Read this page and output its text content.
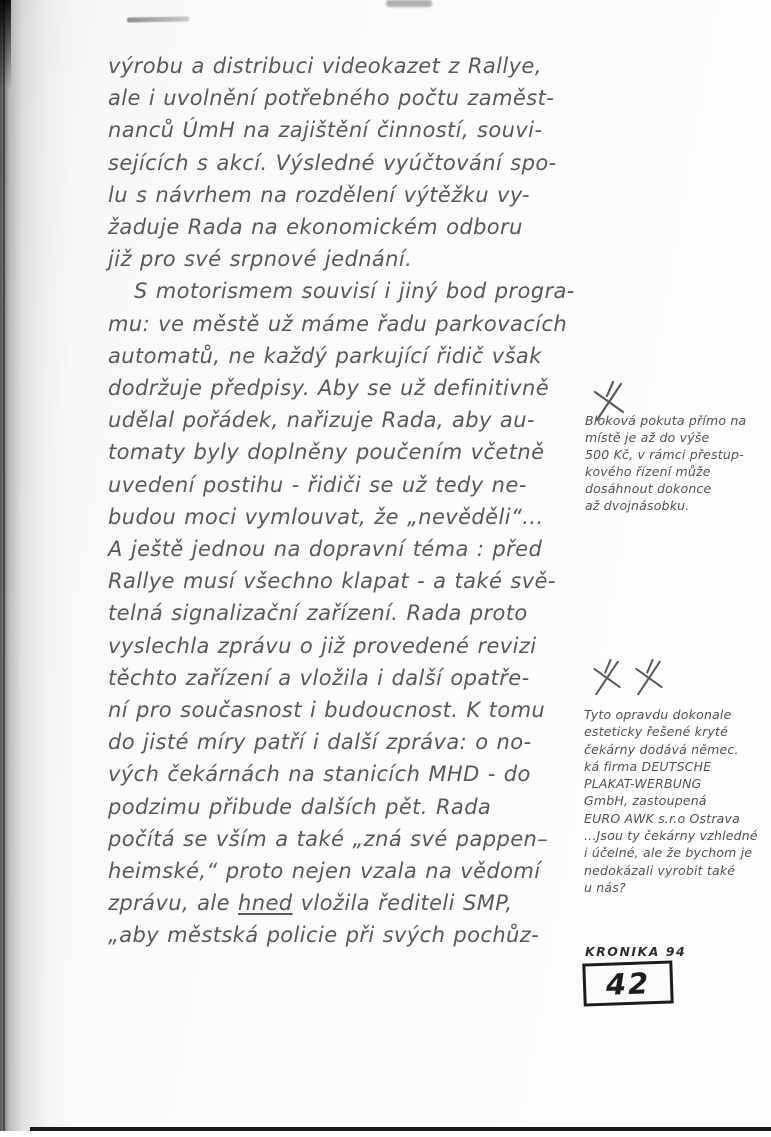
výrobu a distribuci videokazet z Rallye,
ale i uvolnění potřebného počtu zaměst-
nanců ÚmH na zajištění činností, souvi-
sejících s akcí. Výsledné vyúčtování spo-
lu s návrhem na rozdělení výtěžku vy-
žaduje Rada na ekonomickém odboru
již pro své srpnové jednání.
S motorismem souvisí i jiný bod progra-
mu: ve městě už máme řadu parkovacích
automatů, ne každý parkující řidič však
dodržuje předpisy. Aby se už definitivně
udělal pořádek, nařizuje Rada, aby au-
tomaty byly doplněny poučením včetně
uvedení postihu - řidiči se už tedy ne-
budou moci vymlouvat, že „nevěděli“...
A ještě jednou na dopravní téma : před
Rallye musí všechno klapat - a také svě-
telná signalizační zařízení. Rada proto
vyslechla zprávu o již provedené revizi
těchto zařízení a vložila i další opatře-
ní pro současnost i budoucnost. K tomu
do jisté míry patří i další zpráva: o no-
vých čekárnách na stanicích MHD - do
podzimu přibude dalších pět. Rada
počítá se vším a také „zná své pappen–
heimské,“ proto nejen vzala na vědomí
zprávu, ale hned vložila řediteli SMP,
„aby městská policie při svých pochůz-
Bloková pokuta přímo na
místě je až do výše
500 Kč, v rámci přestup-
kového řízení může
dosáhnout dokonce
až dvojnásobku.
Tyto opravdu dokonale
esteticky řešené kryté
čekárny dodává němec.
ká firma DEUTSCHE
PLAKAT-WERBUNG
GmbH, zastoupená
EURO AWK s.r.o Ostrava
...Jsou ty čekárny vzhledné
i účelné, ale že bychom je
nedokázali vyrobit také
u nás?
KRONIKA 94
42
